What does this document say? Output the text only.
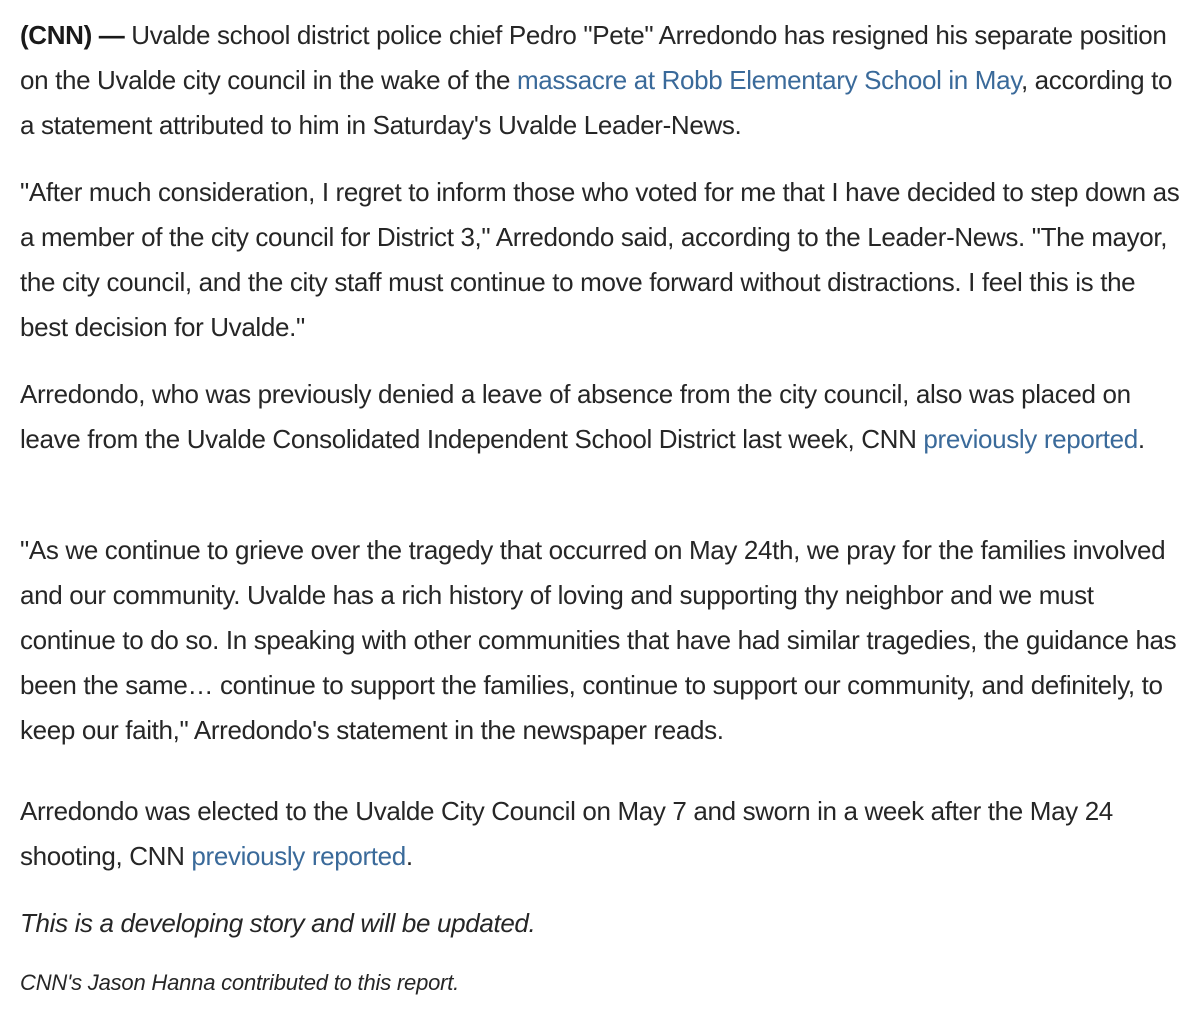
(CNN) — Uvalde school district police chief Pedro "Pete" Arredondo has resigned his separate position on the Uvalde city council in the wake of the massacre at Robb Elementary School in May, according to a statement attributed to him in Saturday's Uvalde Leader-News.

"After much consideration, I regret to inform those who voted for me that I have decided to step down as a member of the city council for District 3," Arredondo said, according to the Leader-News. "The mayor, the city council, and the city staff must continue to move forward without distractions. I feel this is the best decision for Uvalde."

Arredondo, who was previously denied a leave of absence from the city council, also was placed on leave from the Uvalde Consolidated Independent School District last week, CNN previously reported.

"As we continue to grieve over the tragedy that occurred on May 24th, we pray for the families involved and our community. Uvalde has a rich history of loving and supporting thy neighbor and we must continue to do so. In speaking with other communities that have had similar tragedies, the guidance has been the same… continue to support the families, continue to support our community, and definitely, to keep our faith," Arredondo's statement in the newspaper reads.

Arredondo was elected to the Uvalde City Council on May 7 and sworn in a week after the May 24 shooting, CNN previously reported.

This is a developing story and will be updated.

CNN's Jason Hanna contributed to this report.
